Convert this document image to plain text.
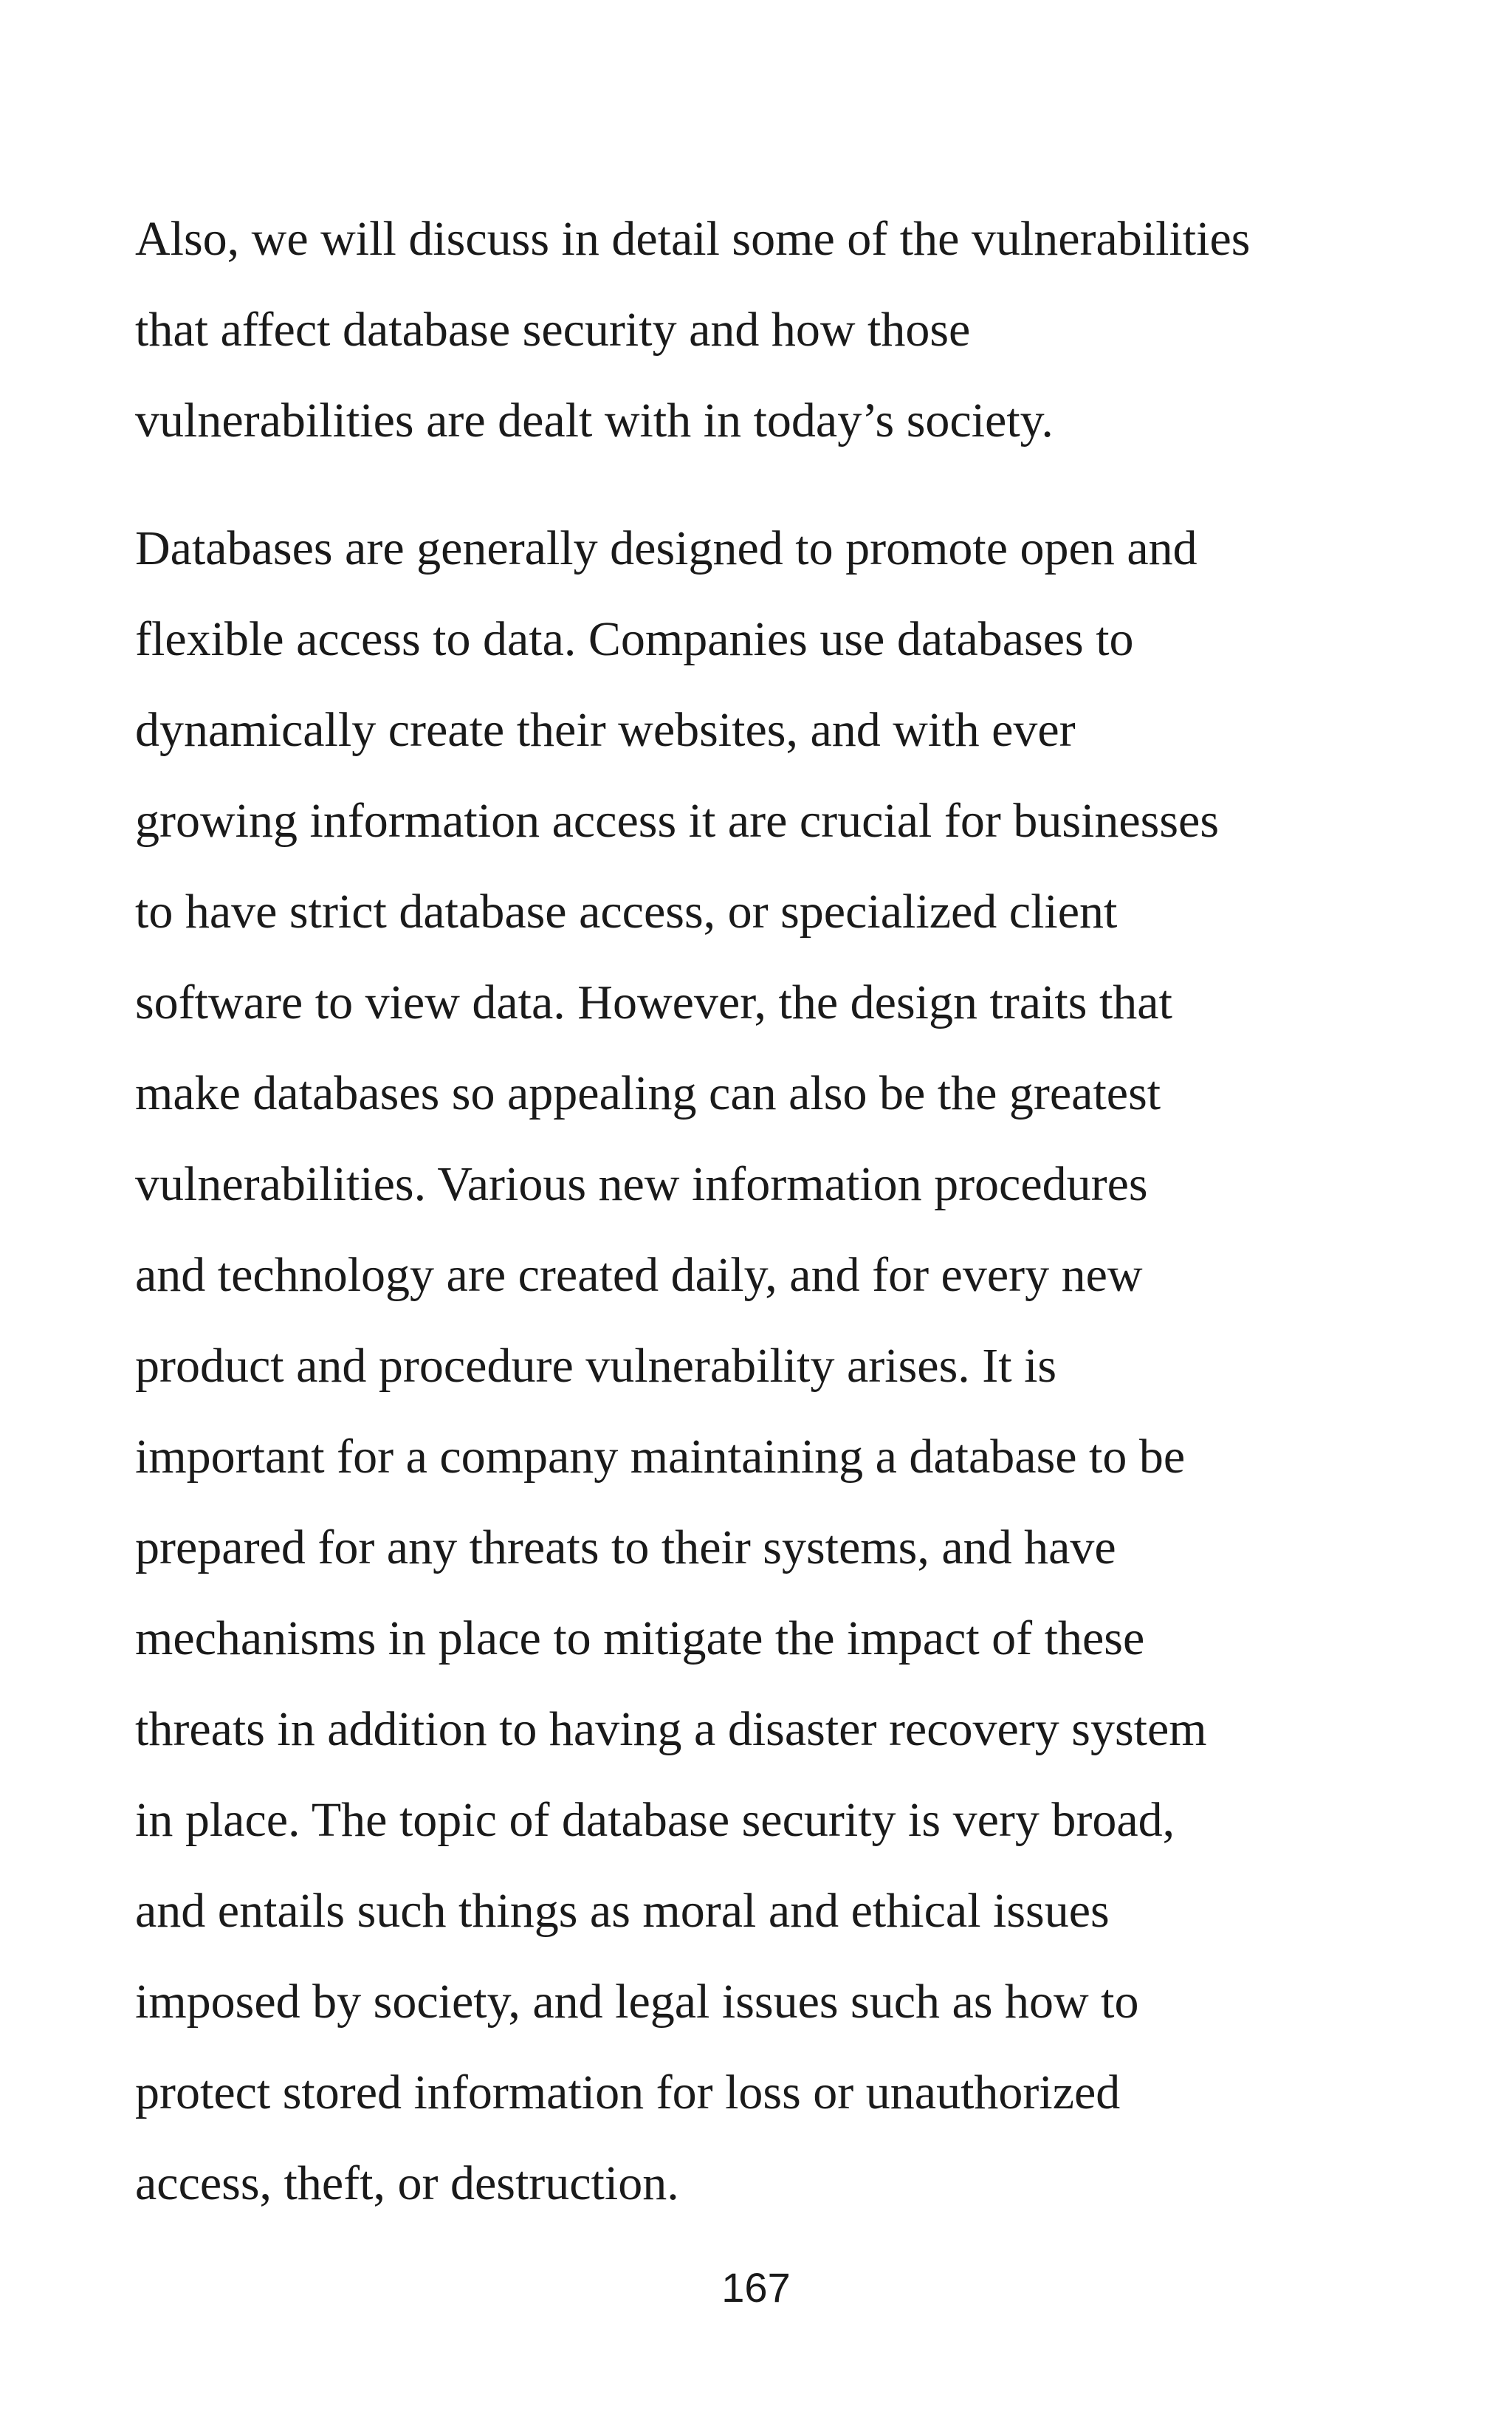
Also, we will discuss in detail some of the vulnerabilities
that affect database security and how those
vulnerabilities are dealt with in today’s society.
Databases are generally designed to promote open and
flexible access to data. Companies use databases to
dynamically create their websites, and with ever
growing information access it are crucial for businesses
to have strict database access, or specialized client
software to view data. However, the design traits that
make databases so appealing can also be the greatest
vulnerabilities. Various new information procedures
and technology are created daily, and for every new
product and procedure vulnerability arises. It is
important for a company maintaining a database to be
prepared for any threats to their systems, and have
mechanisms in place to mitigate the impact of these
threats in addition to having a disaster recovery system
in place. The topic of database security is very broad,
and entails such things as moral and ethical issues
imposed by society, and legal issues such as how to
protect stored information for loss or unauthorized
access, theft, or destruction.
167
